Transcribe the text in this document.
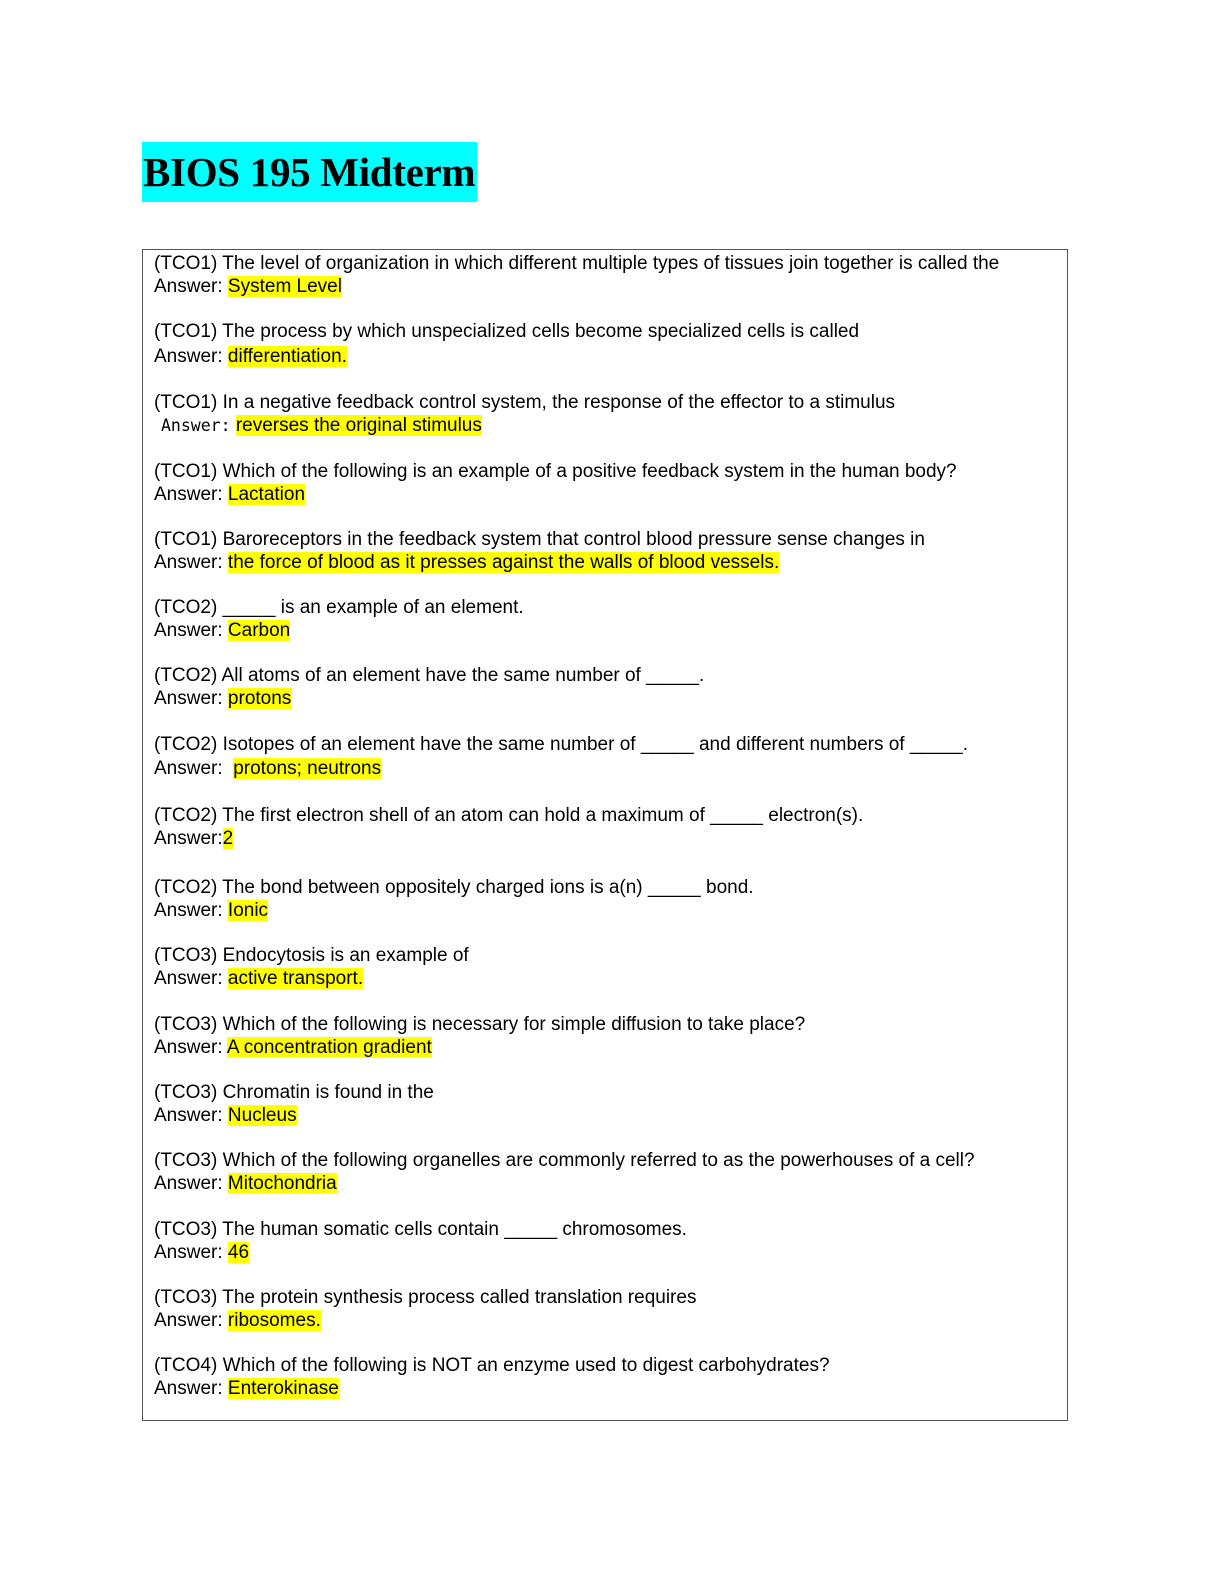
BIOS 195 Midterm
(TCO1) The level of organization in which different multiple types of tissues join together is called the
Answer: System Level
(TCO1) The process by which unspecialized cells become specialized cells is called
Answer: differentiation.
(TCO1) In a negative feedback control system, the response of the effector to a stimulus
Answer: reverses the original stimulus
(TCO1) Which of the following is an example of a positive feedback system in the human body?
Answer: Lactation
(TCO1) Baroreceptors in the feedback system that control blood pressure sense changes in
Answer: the force of blood as it presses against the walls of blood vessels.
(TCO2) _____ is an example of an element.
Answer: Carbon
(TCO2) All atoms of an element have the same number of _____.
Answer: protons
(TCO2) Isotopes of an element have the same number of _____ and different numbers of _____.
Answer: protons; neutrons
(TCO2) The first electron shell of an atom can hold a maximum of _____ electron(s).
Answer:2
(TCO2) The bond between oppositely charged ions is a(n) _____ bond.
Answer: Ionic
(TCO3) Endocytosis is an example of
Answer: active transport.
(TCO3) Which of the following is necessary for simple diffusion to take place?
Answer: A concentration gradient
(TCO3) Chromatin is found in the
Answer: Nucleus
(TCO3) Which of the following organelles are commonly referred to as the powerhouses of a cell?
Answer: Mitochondria
(TCO3) The human somatic cells contain _____ chromosomes.
Answer: 46
(TCO3) The protein synthesis process called translation requires
Answer: ribosomes.
(TCO4) Which of the following is NOT an enzyme used to digest carbohydrates?
Answer: Enterokinase
